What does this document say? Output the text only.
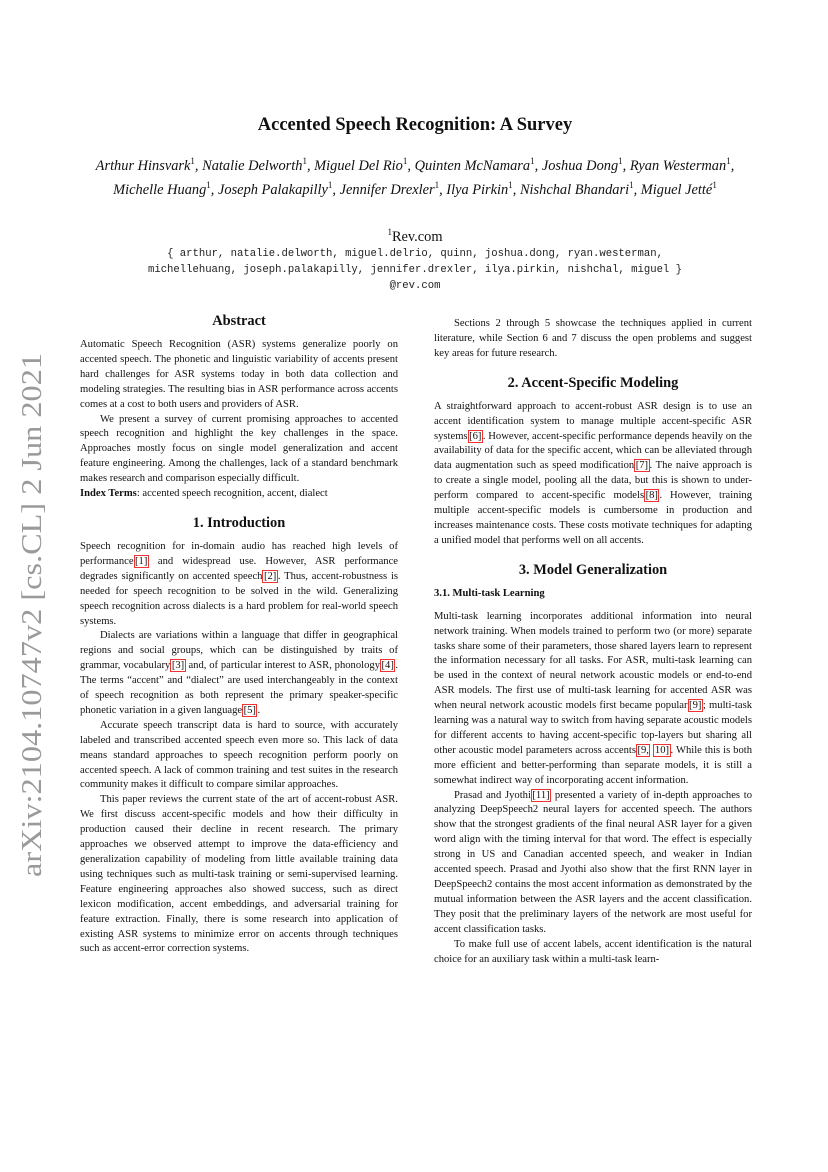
arXiv:2104.10747v2 [cs.CL] 2 Jun 2021
Accented Speech Recognition: A Survey
Arthur Hinsvark$^1$, Natalie Delworth$^1$, Miguel Del Rio$^1$, Quinten McNamara$^1$, Joshua Dong$^1$, Ryan Westerman$^1$, Michelle Huang$^1$, Joseph Palakapilly$^1$, Jennifer Drexler$^1$, Ilya Pirkin$^1$, Nishchal Bhandari$^1$, Miguel Jetté$^1$
$^1$Rev.com
{ arthur, natalie.delworth, miguel.delrio, quinn, joshua.dong, ryan.westerman,
michellehuang, joseph.palakapilly, jennifer.drexler, ilya.pirkin, nishchal, miguel }
@rev.com
Abstract

Automatic Speech Recognition (ASR) systems generalize poorly on accented speech. The phonetic and linguistic variability of accents present hard challenges for ASR systems today in both data collection and modeling strategies. The resulting bias in ASR performance across accents comes at a cost to both users and providers of ASR.

We present a survey of current promising approaches to accented speech recognition and highlight the key challenges in the space. Approaches mostly focus on single model generalization and accent feature engineering. Among the challenges, lack of a standard benchmark makes research and comparison especially difficult.

Index Terms: accented speech recognition, accent, dialect

1. Introduction

Speech recognition for in-domain audio has reached high levels of performance [1] and widespread use. However, ASR performance degrades significantly on accented speech [2] . Thus, accent-robustness is needed for speech recognition to be solved in the wild. Generalizing speech recognition across dialects is a hard problem for real-world speech systems.

Dialects are variations within a language that differ in geographical regions and social groups, which can be distinguished by traits of grammar, vocabulary [3] and, of particular interest to ASR, phonology [4] . The terms “accent” and “dialect” are used interchangeably in the context of speech recognition as both represent the primary speaker-specific phonetic variation in a given language [5] .

Accurate speech transcript data is hard to source, with accurately labeled and transcribed accented speech even more so. This lack of data means standard approaches to speech recognition perform poorly on accented speech. A lack of common training and test suites in the research community makes it difficult to compare similar approaches.

This paper reviews the current state of the art of accent-robust ASR. We first discuss accent-specific models and how their difficulty in production caused their decline in recent research. The primary approaches we observed attempt to improve the data-efficiency and generalization capability of modeling from little available training data using techniques such as multi-task training or semi-supervised learning. Feature engineering approaches also showed success, such as direct lexicon modification, accent embeddings, and adversarial training for feature extraction. Finally, there is some research into application of existing ASR systems to minimize error on accents through techniques such as accent-error correction systems.

Sections 2 through 5 showcase the techniques applied in current literature, while Section 6 and 7 discuss the open problems and suggest key areas for future research.

2. Accent-Specific Modeling

A straightforward approach to accent-robust ASR design is to use an accent identification system to manage multiple accent-specific ASR systems [6] . However, accent-specific performance depends heavily on the availability of data for the specific accent, which can be alleviated through data augmentation such as speed modification [7] . The naive approach is to create a single model, pooling all the data, but this is shown to under-perform compared to accent-specific models [8] . However, training multiple accent-specific models is cumbersome in production and increases maintenance costs. These costs motivate techniques for adapting a unified model that performs well on all accents.

3. Model Generalization

3.1. Multi-task Learning

Multi-task learning incorporates additional information into neural network training. When models trained to perform two (or more) separate tasks share some of their parameters, those shared layers learn to represent the information necessary for all tasks. For ASR, multi-task learning can be used in the context of neural network acoustic models or end-to-end ASR models. The first use of multi-task learning for accented ASR was when neural network acoustic models first became popular [9] ; multi-task learning was a natural way to switch from having separate acoustic models for different accents to having accent-specific top-layers but sharing all other acoustic model parameters across accents [9, 10] . While this is both more efficient and better-performing than separate models, it is still a somewhat indirect way of incorporating accent information.

Prasad and Jyothi [11] presented a variety of in-depth approaches to analyzing DeepSpeech2 neural layers for accented speech. The authors show that the strongest gradients of the final neural ASR layer for a given word align with the timing interval for that word. The effect is especially strong in US and Canadian accented speech, and weaker in Indian accented speech. Prasad and Jyothi also show that the first RNN layer in DeepSpeech2 contains the most accent information as demonstrated by the mutual information between the ASR layers and the accent classification. They posit that the preliminary layers of the network are most useful for accent classification tasks.

To make full use of accent labels, accent identification is the natural choice for an auxiliary task within a multi-task learn-
